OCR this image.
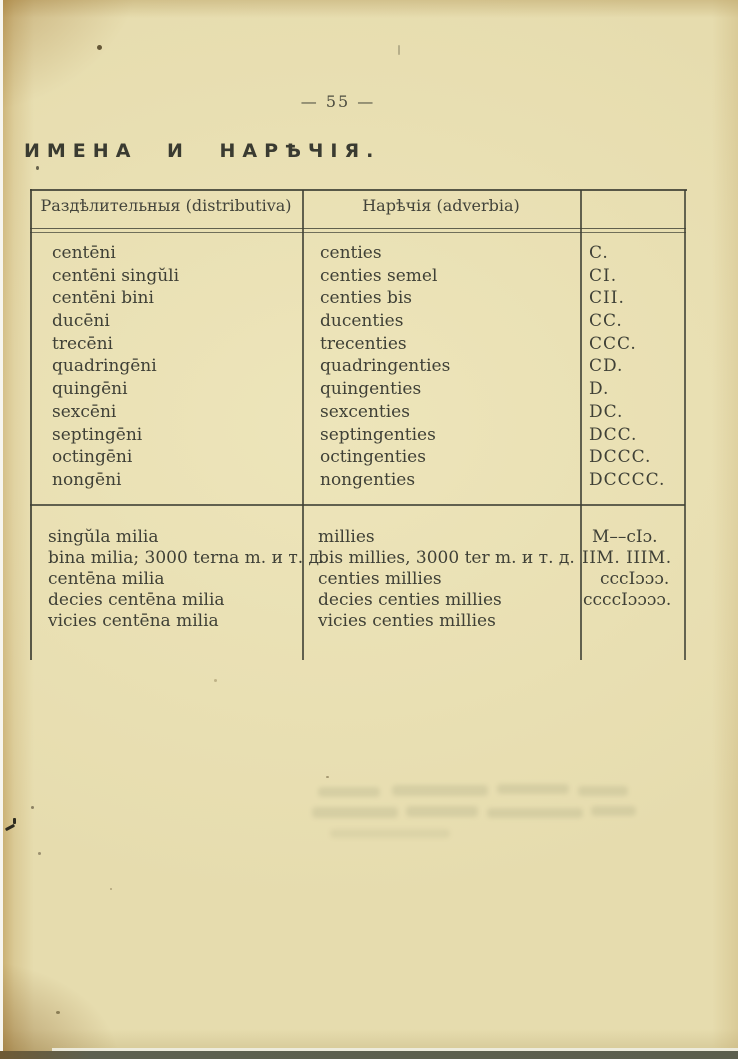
— 55 —
ИМЕНА И НАРѢЧІЯ.
Раздѣлительныя (distributiva)	Нарѣчія (adverbia)
centēni
centēni singŭli
centēni bini
ducēni
trecēni
quadringēni
quingēni
sexcēni
septingēni
octingēni
nongēni
centies
centies semel
centies bis
ducenties
trecenties
quadringenties
quingenties
sexcenties
septingenties
octingenties
nongenties
C.
CI.
CII.
CC.
CCC.
CD.
D.
DC.
DCC.
DCCC.
DCCCC.
singŭla milia
bina milia; 3000 terna m. и т. д.
centēna milia
decies centēna milia
vicies centēna milia
millies
bis millies, 3000 ter m. и т. д.
centies millies
decies centies millies
vicies centies millies
M––cIɔ.
IIM. IIIM.
cccIɔɔɔ.
ccccIɔɔɔɔ.
